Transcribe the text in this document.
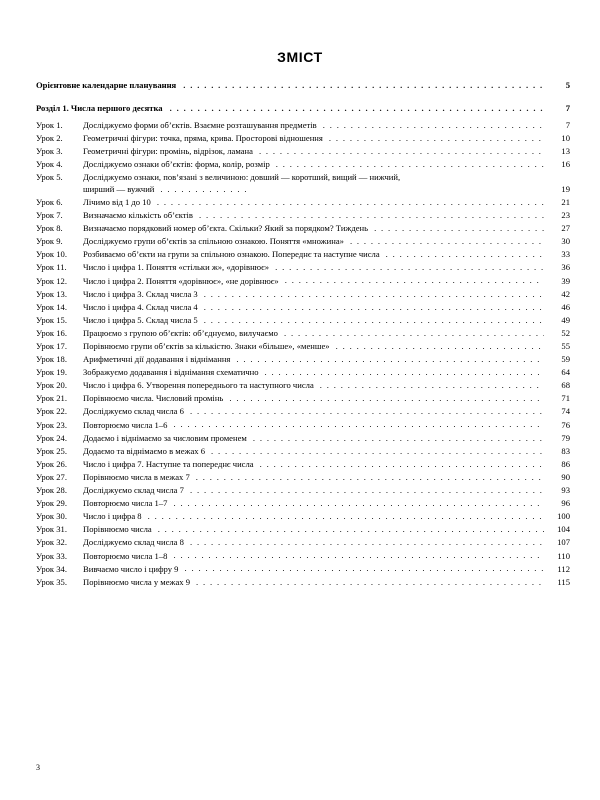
ЗМІСТ
Орієнтовне календарне планування . . .	5
Розділ 1. Числа першого десятка . . .	7
Урок 1.	Досліджуємо форми об’єктів. Взаємне розташування предметів . . .	7
Урок 2.	Геометричні фігури: точка, пряма, крива. Просторові відношення . . .	10
Урок 3.	Геометричні фігури: промінь, відрізок, ламана . . .	13
Урок 4.	Досліджуємо ознаки об’єктів: форма, колір, розмір . . .	16
Урок 5.	Досліджуємо ознаки, пов’язані з величиною: довший — коротший, вищий — нижчий,
ширший — вужчий . . .	19
Урок 6.	Лічимо від 1 до 10 . . .	21
Урок 7.	Визначаємо кількість об’єктів . . .	23
Урок 8.	Визначаємо порядковий номер об’єкта. Скільки? Який за порядком? Тиждень . . .	27
Урок 9.	Досліджуємо групи об’єктів за спільною ознакою. Поняття «множина» . . .	30
Урок 10.	Розбиваємо об’єкти на групи за спільною ознакою. Попереднє та наступне числа . . .	33
Урок 11.	Число і цифра 1. Поняття «стільки ж», «дорівнює» . . .	36
Урок 12.	Число і цифра 2. Поняття «дорівнює», «не дорівнює» . . .	39
Урок 13.	Число і цифра 3. Склад числа 3 . . .	42
Урок 14.	Число і цифра 4. Склад числа 4 . . .	46
Урок 15.	Число і цифра 5. Склад числа 5 . . .	49
Урок 16.	Працюємо з групою об’єктів: об’єднуємо, вилучаємо . . .	52
Урок 17.	Порівнюємо групи об’єктів за кількістю. Знаки «більше», «менше» . . .	55
Урок 18.	Арифметичні дії додавання і віднімання . . .	59
Урок 19.	Зображуємо додавання і віднімання схематично . . .	64
Урок 20.	Число і цифра 6. Утворення попереднього та наступного числа . . .	68
Урок 21.	Порівнюємо числа. Числовий промінь . . .	71
Урок 22.	Досліджуємо склад числа 6 . . .	74
Урок 23.	Повторюємо числа 1–6 . . .	76
Урок 24.	Додаємо і віднімаємо за числовим променем . . .	79
Урок 25.	Додаємо та віднімаємо в межах 6 . . .	83
Урок 26.	Число і цифра 7. Наступне та попереднє числа . . .	86
Урок 27.	Порівнюємо числа в межах 7 . . .	90
Урок 28.	Досліджуємо склад числа 7 . . .	93
Урок 29.	Повторюємо числа 1–7 . . .	96
Урок 30.	Число і цифра 8 . . .	100
Урок 31.	Порівнюємо числа . . .	104
Урок 32.	Досліджуємо склад числа 8 . . .	107
Урок 33.	Повторюємо числа 1–8 . . .	110
Урок 34.	Вивчаємо число і цифру 9 . . .	112
Урок 35.	Порівнюємо числа у межах 9 . . .	115
3
